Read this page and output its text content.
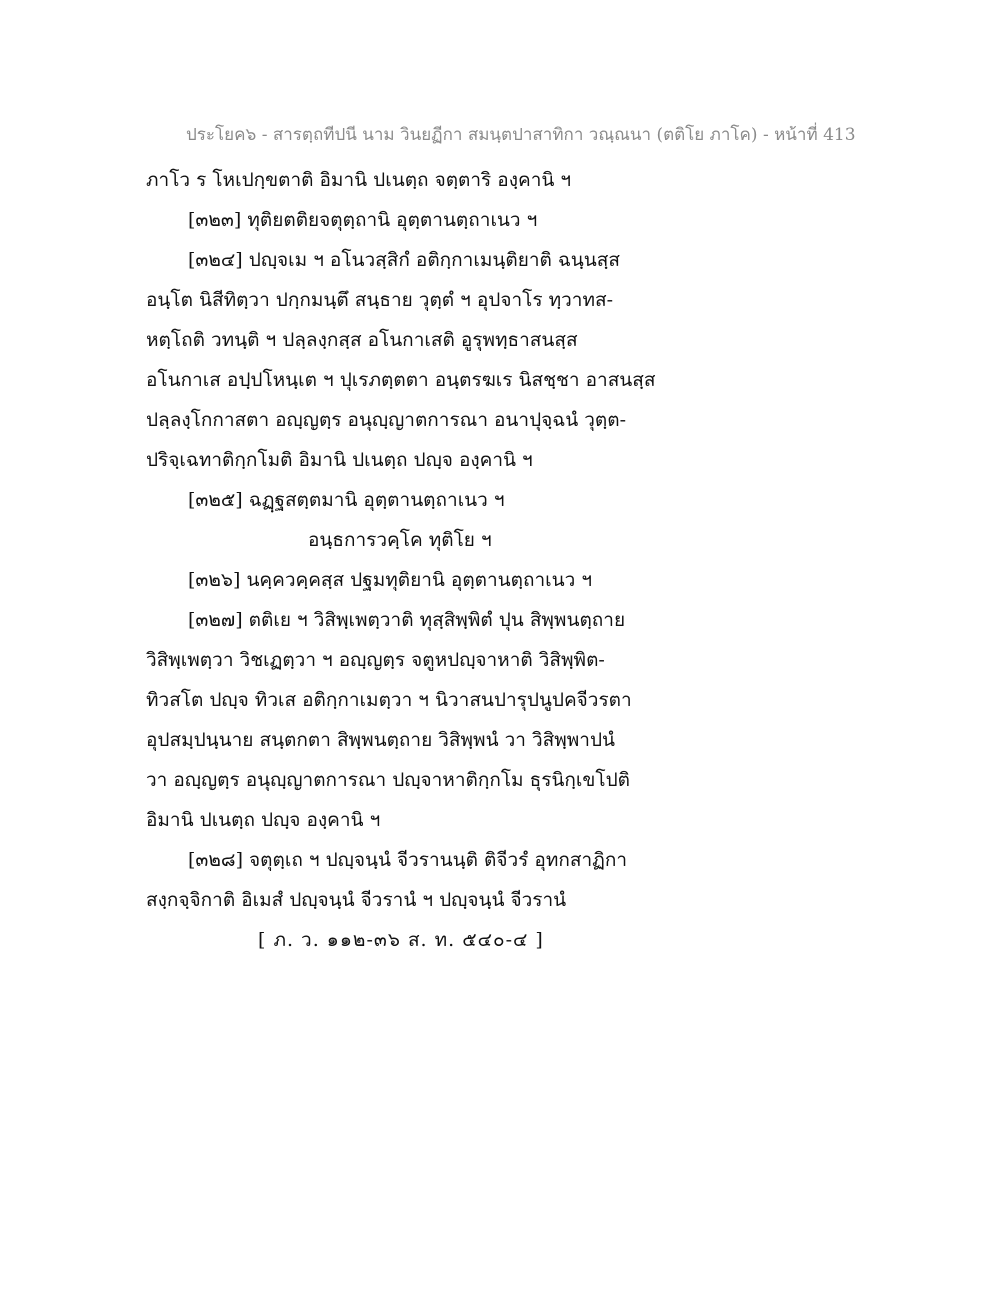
ประโยค๖ - สารตฺถทีปนี นาม วินยฏีกา สมนฺตปาสาทิกา วณฺณนา (ตติโย ภาโค) - หน้าที่ 413
ภาโว ร โหเปกฺขตาติ อิมานิ ปเนตฺถ จตฺตาริ องฺคานิ ฯ
[๓๒๓] ทุติยตติยจตุตฺถานิ อุตฺตานตฺถาเนว ฯ
[๓๒๔] ปญฺจเม ฯ อโนวสฺสิกํ อติกฺกาเมนฺติยาติ ฉนฺนสฺส
อนฺโต นิสีทิตฺวา ปกฺกมนฺตึ สนฺธาย วุตฺตํ ฯ อุปจาโร ทฺวาทส-
หตฺโถติ วทนฺติ ฯ ปลฺลงฺกสฺส อโนกาเสติ อูรุพทฺธาสนสฺส
อโนกาเส อปฺปโหนฺเต ฯ ปุเรภตฺตตา อนฺตรฆเร นิสชฺชา อาสนสฺส
ปลฺลงฺโกกาสตา อญฺญตฺร อนุญฺญาตการณา อนาปุจฺฉนํ วุตฺต-
ปริจฺเฉทาติกฺกโมติ อิมานิ ปเนตฺถ ปญฺจ องฺคานิ ฯ
[๓๒๕] ฉฏฺฐสตฺตมานิ อุตฺตานตฺถาเนว ฯ
อนฺธการวคฺโค ทุติโย ฯ
[๓๒๖] นคฺควคฺคสฺส ปฐมทุติยานิ อุตฺตานตฺถาเนว ฯ
[๓๒๗] ตติเย ฯ วิสิพฺเพตฺวาติ ทุสฺสิพฺพิตํ ปุน สิพฺพนตฺถาย
วิสิพฺเพตฺวา วิชเฏตฺวา ฯ อญฺญตฺร จตูหปญฺจาหาติ วิสิพฺพิต-
ทิวสโต ปญฺจ ทิวเส อติกฺกาเมตฺวา ฯ นิวาสนปารุปนูปคจีวรตา
อุปสมฺปนฺนาย สนฺตกตา สิพฺพนตฺถาย วิสิพฺพนํ วา วิสิพฺพาปนํ
วา อญฺญตฺร อนุญฺญาตการณา ปญฺจาหาติกฺกโม ธุรนิกฺเขโปติ
อิมานิ ปเนตฺถ ปญฺจ องฺคานิ ฯ
[๓๒๘] จตุตฺเถ ฯ ปญฺจนฺนํ จีวรานนฺติ ติจีวรํ อุทกสาฏิกา
สงฺกจฺจิกาติ อิเมสํ ปญฺจนฺนํ จีวรานํ ฯ ปญฺจนฺนํ จีวรานํ
[ ภ. ว. ๑๑๒-๓๖ ส. ท. ๕๔๐-๔ ]
